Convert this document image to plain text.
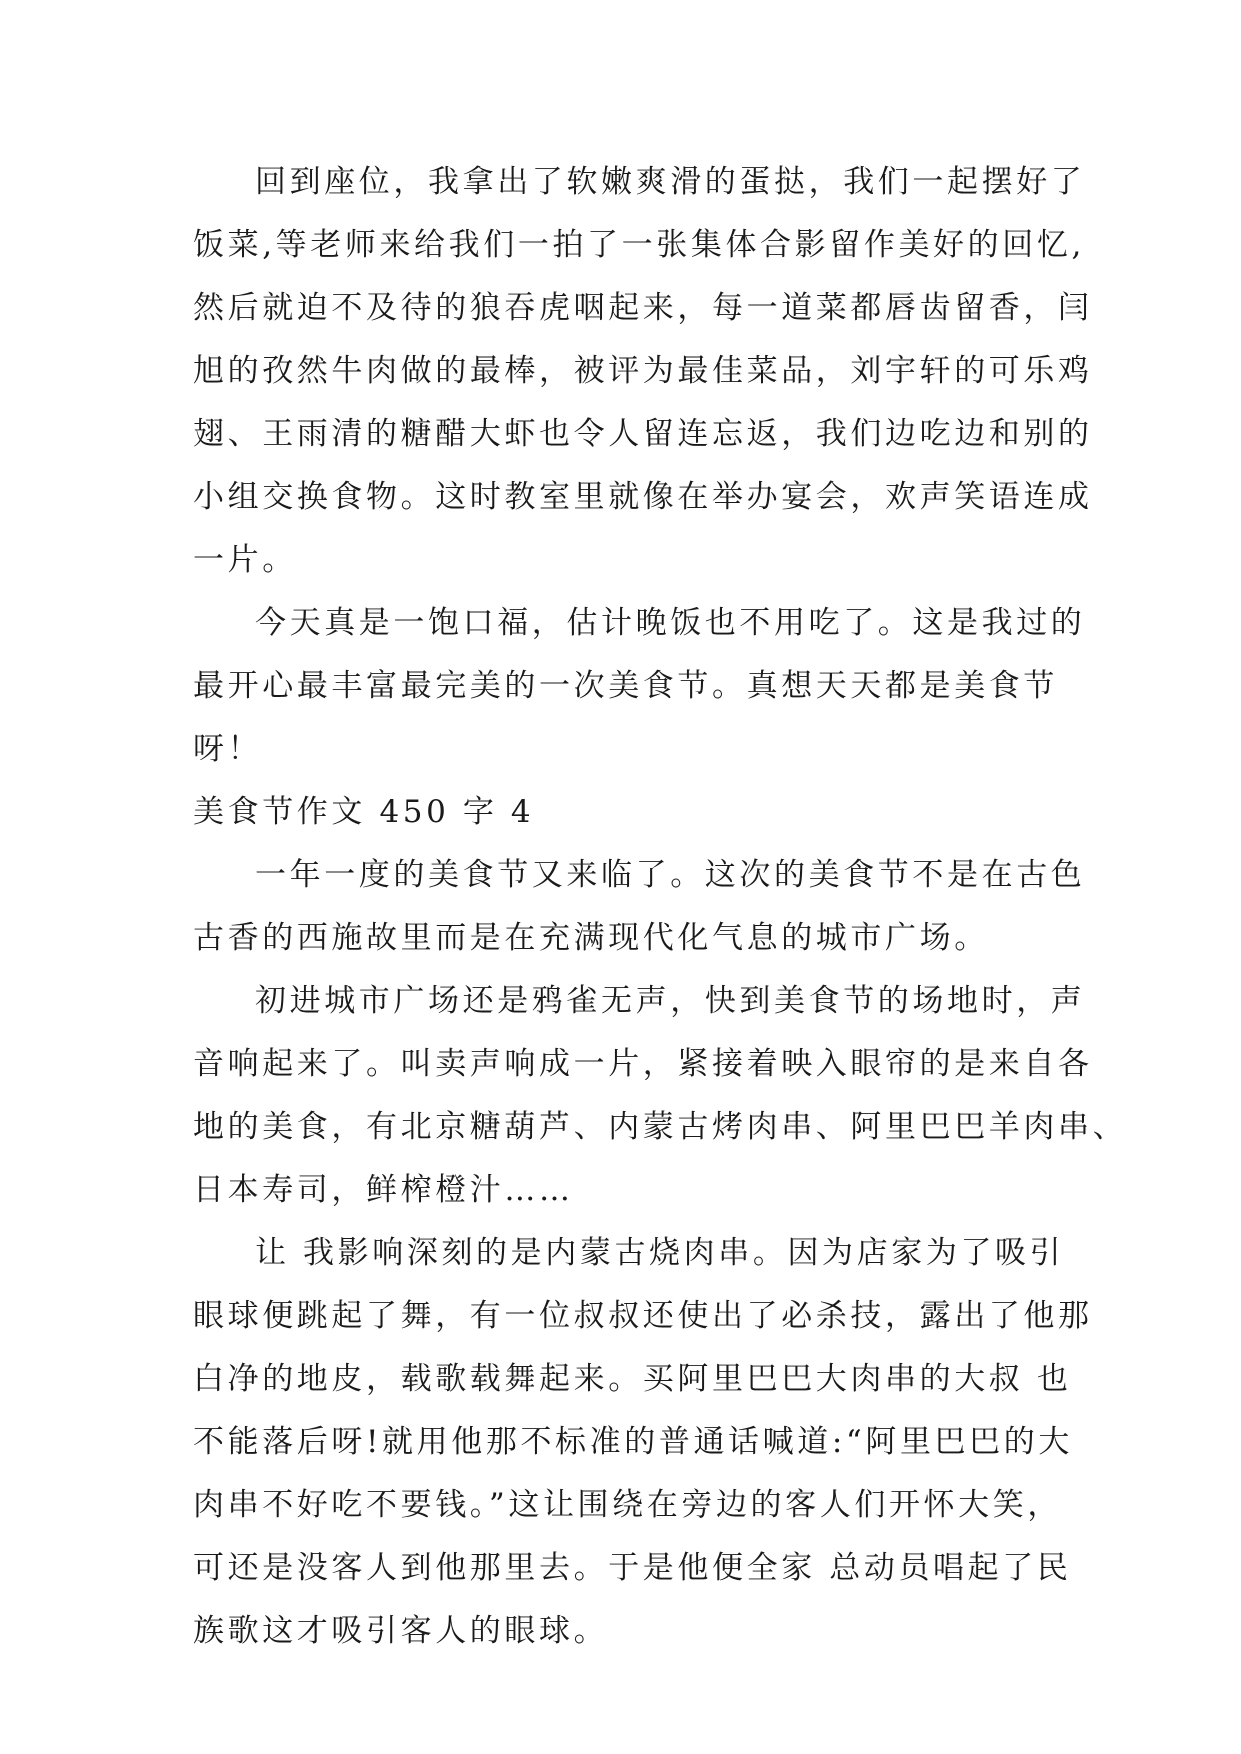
回到座位，我拿出了软嫩爽滑的蛋挞，我们一起摆好了
饭菜,等老师来给我们一拍了一张集体合影留作美好的回忆,
然后就迫不及待的狼吞虎咽起来，每一道菜都唇齿留香，闫
旭的孜然牛肉做的最棒，被评为最佳菜品，刘宇轩的可乐鸡
翅、王雨清的糖醋大虾也令人留连忘返，我们边吃边和别的
小组交换食物。这时教室里就像在举办宴会，欢声笑语连成
一片。
今天真是一饱口福，估计晚饭也不用吃了。这是我过的
最开心最丰富最完美的一次美食节。真想天天都是美食节
呀！
美食节作文 450 字 4
一年一度的美食节又来临了。这次的美食节不是在古色
古香的西施故里而是在充满现代化气息的城市广场。
初进城市广场还是鸦雀无声，快到美食节的场地时，声
音响起来了。叫卖声响成一片，紧接着映入眼帘的是来自各
地的美食，有北京糖葫芦、内蒙古烤肉串、阿里巴巴羊肉串、
日本寿司，鲜榨橙汁……
让 我影响深刻的是内蒙古烧肉串。因为店家为了吸引
眼球便跳起了舞，有一位叔叔还使出了必杀技，露出了他那
白净的地皮，载歌载舞起来。买阿里巴巴大肉串的大叔 也
不能落后呀!就用他那不标准的普通话喊道:“阿里巴巴的大
肉串不好吃不要钱。”这让围绕在旁边的客人们开怀大笑，
可还是没客人到他那里去。于是他便全家 总动员唱起了民
族歌这才吸引客人的眼球。
